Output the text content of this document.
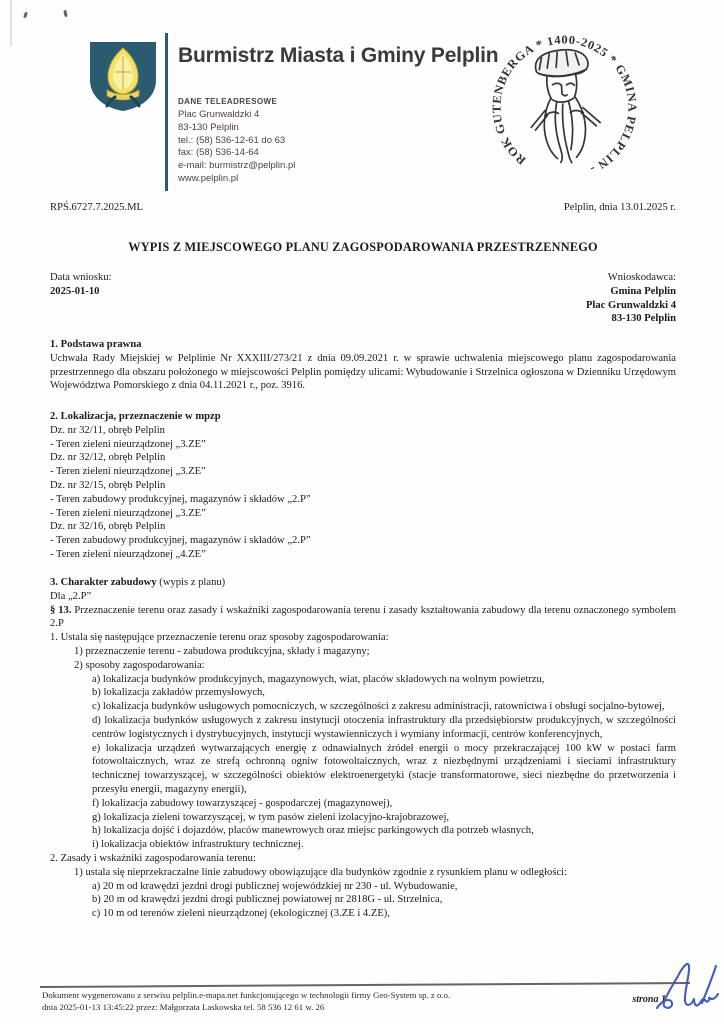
Burmistrz Miasta i Gminy Pelplin
DANE TELEADRESOWE
Plac Grunwaldzki 4
83-130 Pelplin
tel.: (58) 536-12-61 do 63
fax: (58) 536-14-64
e-mail: burmistrz@pelplin.pl
www.pelplin.pl
ROK GUTENBERGA * 1400-2025 * GMINA PELPLIN -
RPŚ.6727.7.2025.ML	Pelplin, dnia 13.01.2025 r.
WYPIS Z MIEJSCOWEGO PLANU ZAGOSPODAROWANIA PRZESTRZENNEGO
Data wniosku:
2025-01-10
Wnioskodawca:
Gmina Pelplin
Plac Grunwaldzki 4
83-130 Pelplin
1. Podstawa prawna
Uchwała Rady Miejskiej w Pelplinie Nr XXXIII/273/21 z dnia 09.09.2021 r. w sprawie uchwalenia miejscowego planu zagospodarowania przestrzennego dla obszaru położonego w miejscowości Pelplin pomiędzy ulicami: Wybudowanie i Strzelnica ogłoszona w Dzienniku Urzędowym Województwa Pomorskiego z dnia 04.11.2021 r., poz. 3916.
2. Lokalizacja, przeznaczenie w mpzp
Dz. nr 32/11, obręb Pelplin
- Teren zieleni nieurządzonej „3.ZE”
Dz. nr 32/12, obręb Pelplin
- Teren zieleni nieurządzonej „3.ZE”
Dz. nr 32/15, obręb Pelplin
- Teren zabudowy produkcyjnej, magazynów i składów „2.P”
- Teren zieleni nieurządzonej „3.ZE”
Dz. nr 32/16, obręb Pelplin
- Teren zabudowy produkcyjnej, magazynów i składów „2.P”
- Teren zieleni nieurządzonej „4.ZE”
3. Charakter zabudowy (wypis z planu)
Dla „2.P”
§ 13. Przeznaczenie terenu oraz zasady i wskaźniki zagospodarowania terenu i zasady kształtowania zabudowy dla terenu oznaczonego symbolem 2.P
1. Ustala się następujące przeznaczenie terenu oraz sposoby zagospodarowania:
1) przeznaczenie terenu - zabudowa produkcyjna, składy i magazyny;
2) sposoby zagospodarowania:
a) lokalizacja budynków produkcyjnych, magazynowych, wiat, placów składowych na wolnym powietrzu,
b) lokalizacja zakładów przemysłowych,
c) lokalizacja budynków usługowych pomocniczych, w szczególności z zakresu administracji, ratownictwa i obsługi socjalno-bytowej,
d) lokalizacja budynków usługowych z zakresu instytucji otoczenia infrastruktury dla przedsiębiorstw produkcyjnych, w szczególności centrów logistycznych i dystrybucyjnych, instytucji wystawienniczych i wymiany informacji, centrów konferencyjnych,
e) lokalizacja urządzeń wytwarzających energię z odnawialnych źródeł energii o mocy przekraczającej 100 kW w postaci farm fotowoltaicznych, wraz ze strefą ochronną ogniw fotowoltaicznych, wraz z niezbędnymi urządzeniami i sieciami infrastruktury technicznej towarzyszącej, w szczególności obiektów elektroenergetyki (stacje transformatorowe, sieci niezbędne do przetworzenia i przesyłu energii, magazyny energii),
f) lokalizacja zabudowy towarzyszącej - gospodarczej (magazynowej),
g) lokalizacja zieleni towarzyszącej, w tym pasów zieleni izolacyjno-krajobrazowej,
h) lokalizacja dojść i dojazdów, placów manewrowych oraz miejsc parkingowych dla potrzeb własnych,
i) lokalizacja obiektów infrastruktury technicznej.
2. Zasady i wskaźniki zagospodarowania terenu:
1) ustala się nieprzekraczalne linie zabudowy obowiązujące dla budynków zgodnie z rysunkiem planu w odległości:
a) 20 m od krawędzi jezdni drogi publicznej wojewódzkiej nr 230 - ul. Wybudowanie,
b) 20 m od krawędzi jezdni drogi publicznej powiatowej nr 2818G - ul. Strzelnica,
c) 10 m od terenów zieleni nieurządzonej (ekologicznej (3.ZE i 4.ZE),
Dokument wygenerowano z serwisu pelplin.e-mapa.net funkcjonującego w technologii firmy Geo-System sp. z o.o.
dnia 2025-01-13 13:45:22 przez: Małgorzata Laskowska tel. 58 536 12 61 w. 26
strona 1
